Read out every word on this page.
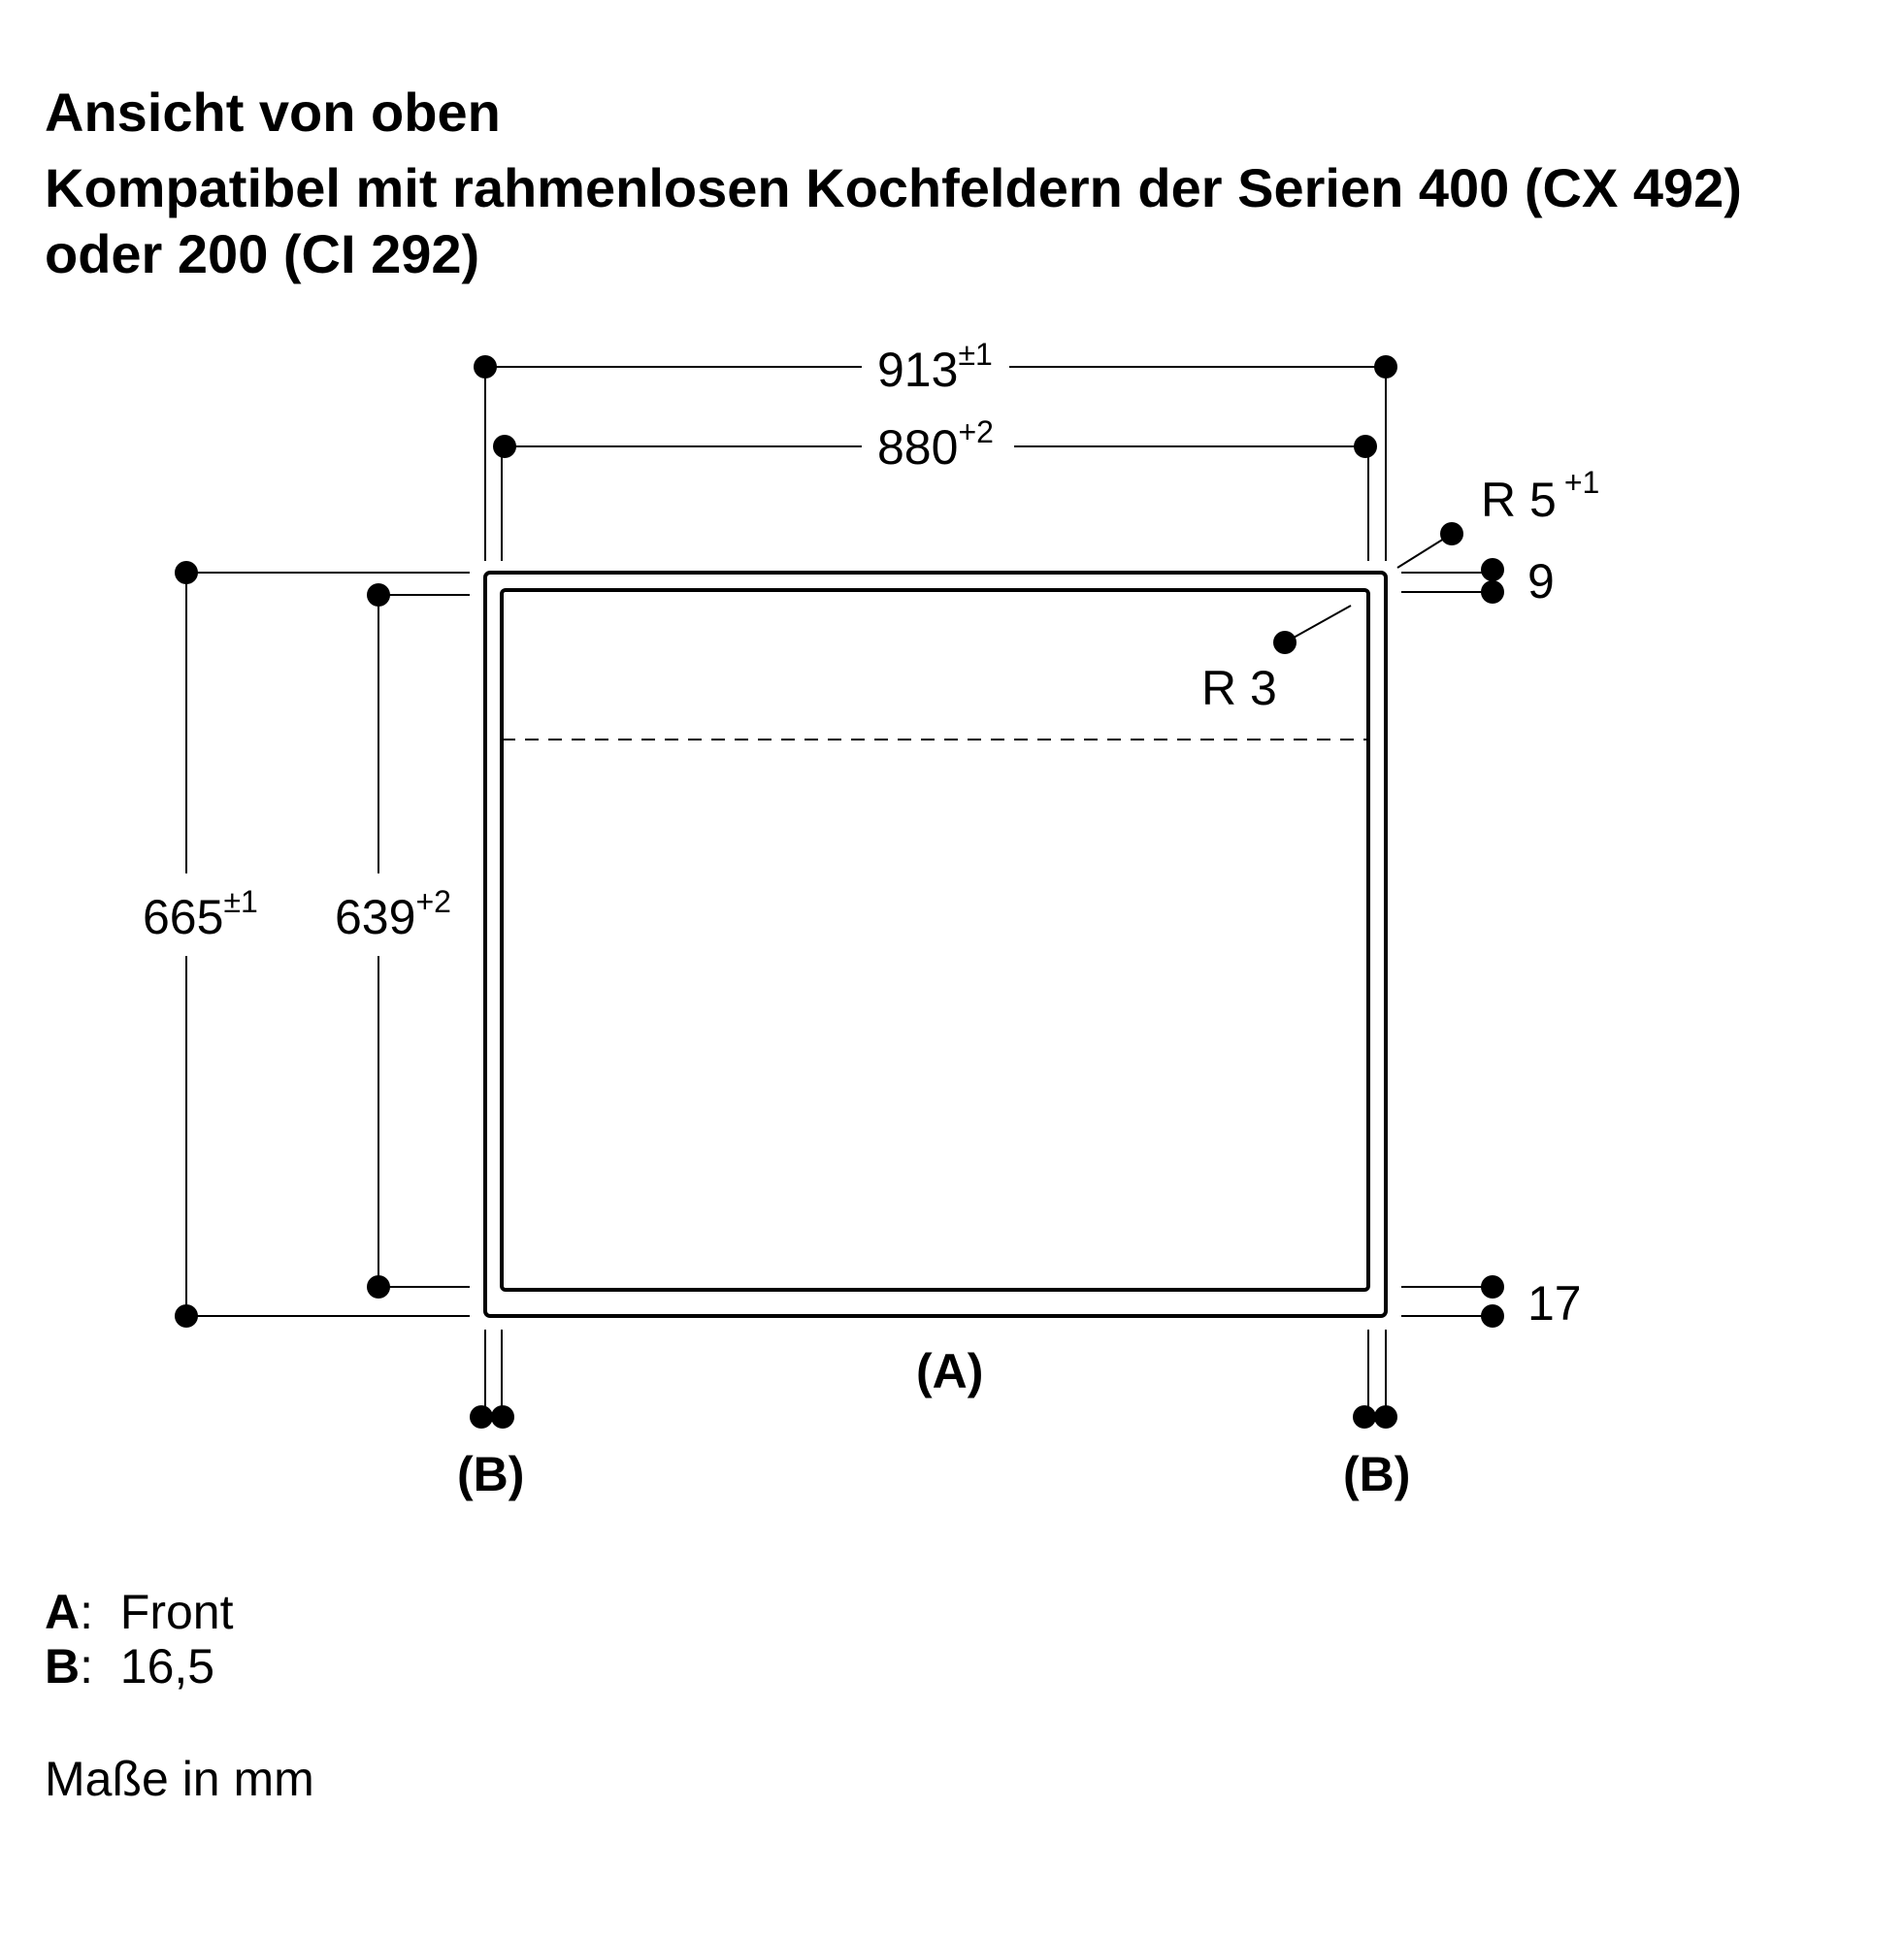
Ansicht von oben
Kompatibel mit rahmenlosen Kochfeldern der Serien 400 (CX 492)
oder 200 (CI 292)
$913^{\pm 1}$
$880^{+2}$
$665^{\pm 1}$ $639^{+2}$
R 5 $^{+1}$
R 3
9
17
(A)
(B)	(B)
A:  Front
B:  16,5
Maße in mm
